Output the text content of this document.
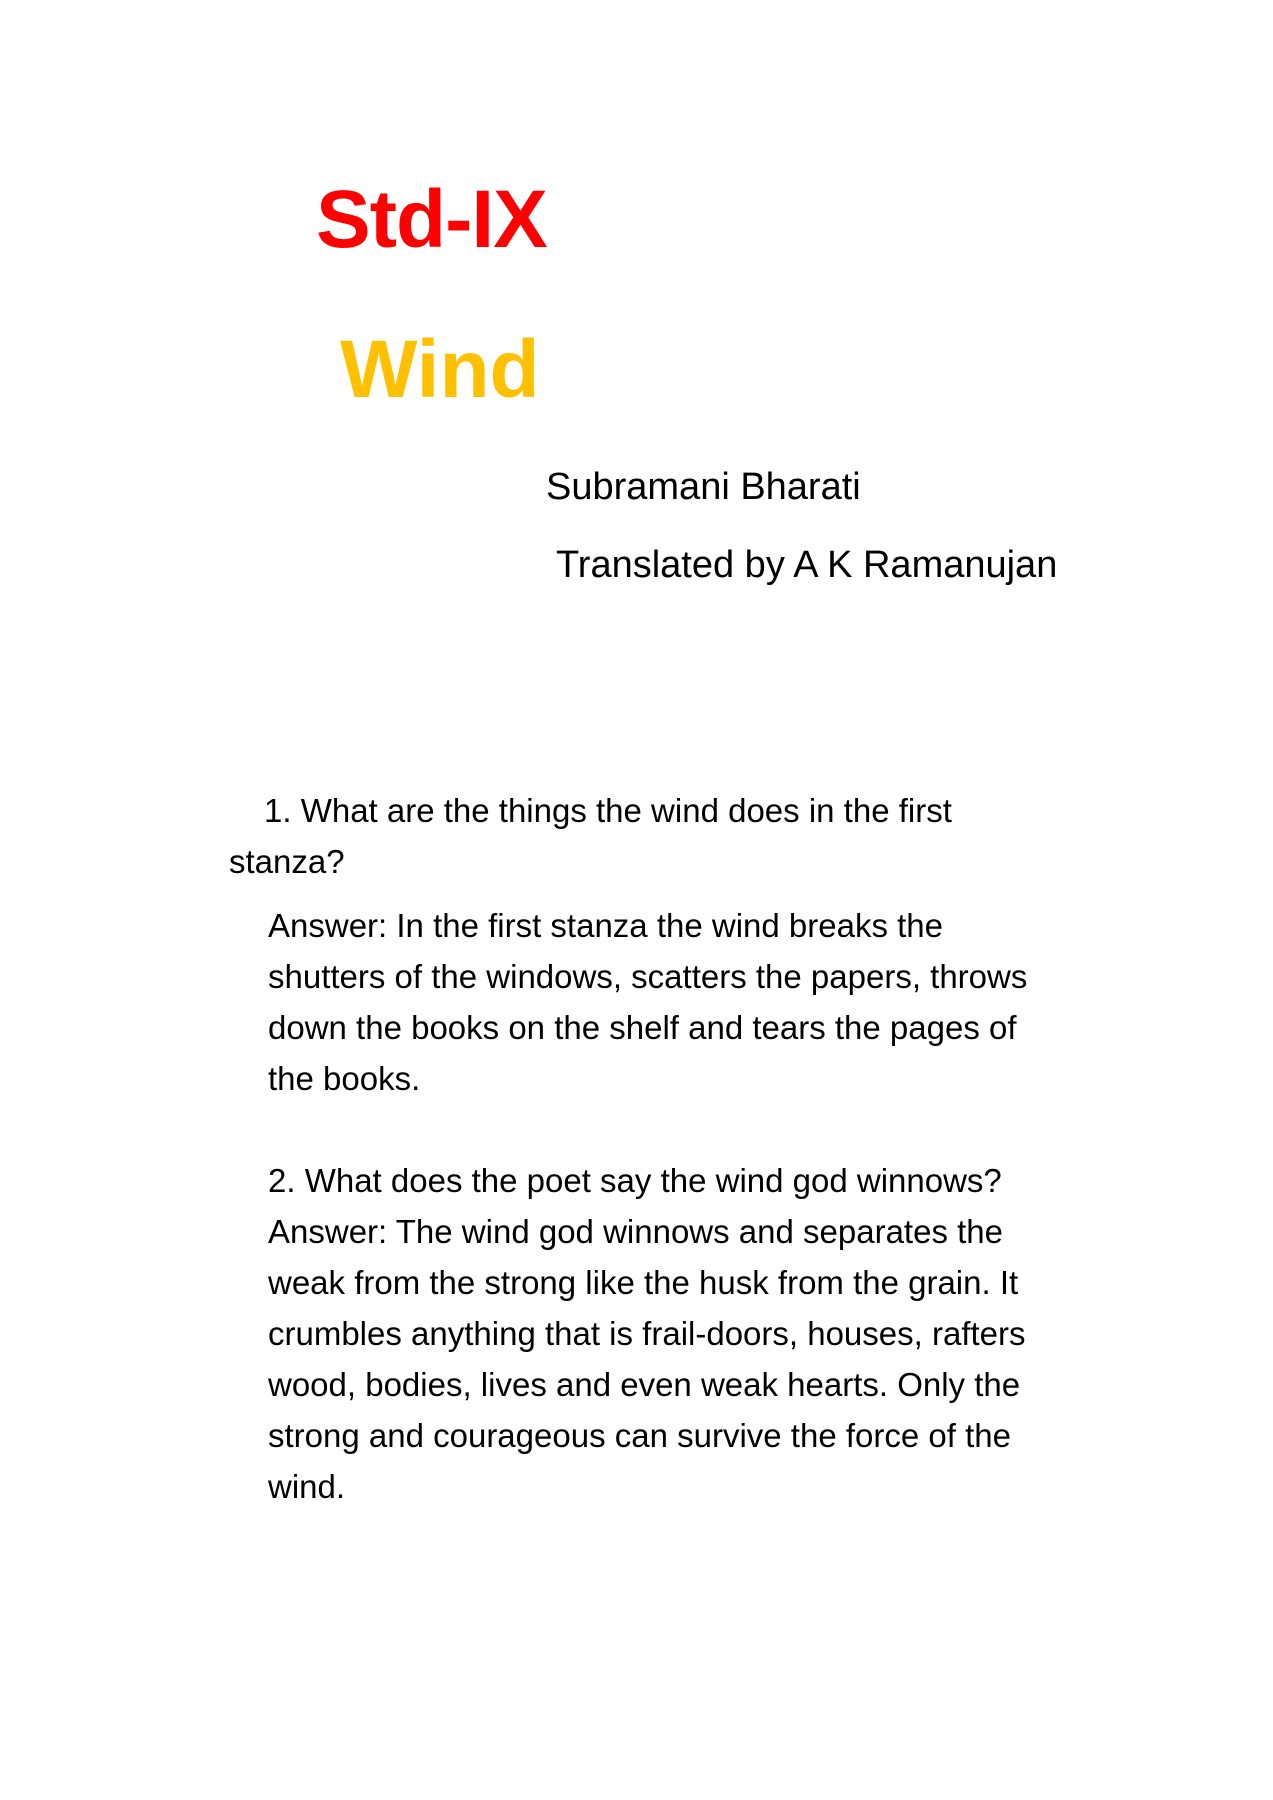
Std-IX
Wind
Subramani Bharati
Translated by A K Ramanujan
1. What are the things the wind does in the first
stanza?
Answer: In the first stanza the wind breaks the
shutters of the windows, scatters the papers, throws
down the books on the shelf and tears the pages of
the books.
2. What does the poet say the wind god winnows?
Answer: The wind god winnows and separates the
weak from the strong like the husk from the grain. It
crumbles anything that is frail-doors, houses, rafters
wood, bodies, lives and even weak hearts. Only the
strong and courageous can survive the force of the
wind.
